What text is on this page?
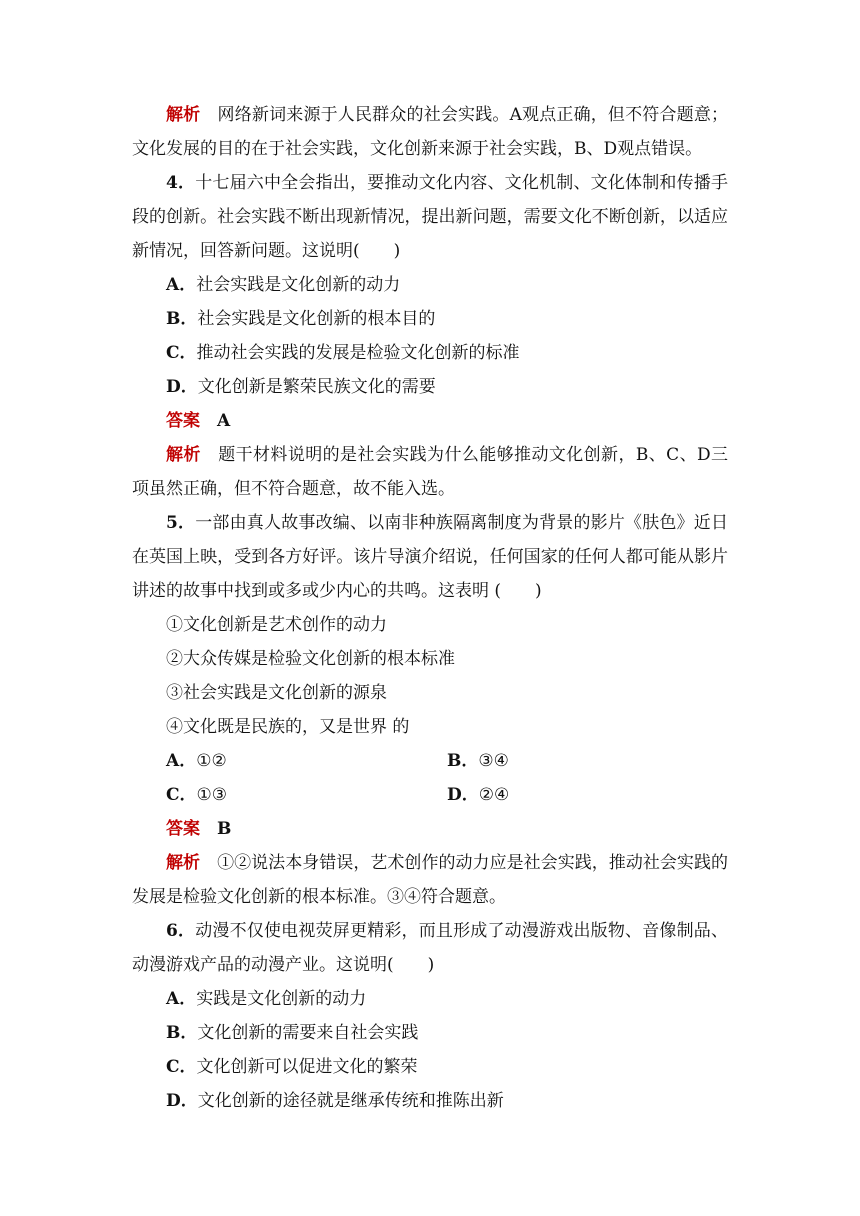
解析　 网络新词来源于人民群众的社会实践。A观点正确，但不符合题意；文化发展的目的在于社会实践，文化创新来源于社会实践，B、D观点错误。

4．十七届六中全会指出，要推动文化内容、文化机制、文化体制和传播手段的创新。社会实践不断出现新情况，提出新问题，需要文化不断创新，以适应新情况，回答新问题。这说明(　　)

A．社会实践是文化创新的动力

B．社会实践是文化创新的根本目的

C．推动社会实践的发展是检验文化创新的标准

D．文化创新是繁荣民族文化的需要

答案　 A

解析　 题干材料说明的是社会实践为什么能够推动文化创新，B、C、D三项虽然正确，但不符合题意，故不能入选。

5．一部由真人故事改编、以南非种族隔离制度为背景的影片《肤色》近日在英国上映，受到各方好评。该片导演介绍说，任何国家的任何人都可能从影片讲述的故事中找到或多或少内心的共鸣。这表明 (　　)

①文化创新是艺术创作的动力

②大众传媒是检验文化创新的根本标准

③社会实践是文化创新的源泉

④文化既是民族的，又是世界 的

A．①②	B．③④
C．①③	D．②④

答案　 B

解析　 ①②说法本身错误，艺术创作的动力应是社会实践，推动社会实践的发展是检验文化创新的根本标准。③④符合题意。

6．动漫不仅使电视荧屏更精彩，而且形成了动漫游戏出版物、音像制品、动漫游戏产品的动漫产业。这说明(　　)

A．实践是文化创新的动力

B．文化创新的需要来自社会实践

C．文化创新可以促进文化的繁荣

D．文化创新的途径就是继承传统和推陈出新
